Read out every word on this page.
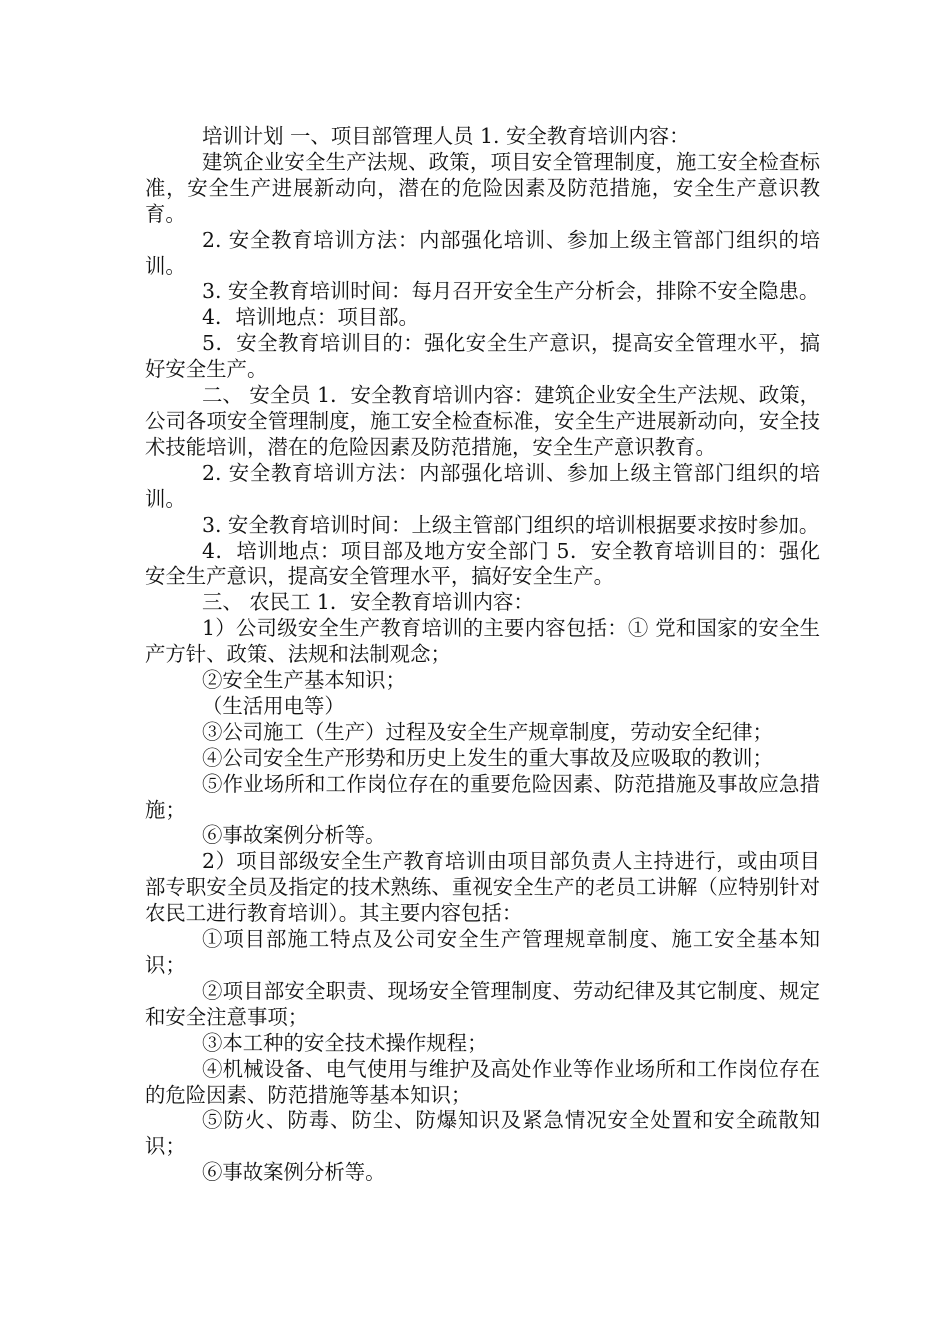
培训计划 一、项目部管理人员 1. 安全教育培训内容：

建筑企业安全生产法规、政策，项目安全管理制度，施工安全检查标准，安全生产进展新动向，潜在的危险因素及防范措施，安全生产意识教育。

2. 安全教育培训方法：内部强化培训、参加上级主管部门组织的培训。

3. 安全教育培训时间：每月召开安全生产分析会，排除不安全隐患。

4．培训地点：项目部。

5．安全教育培训目的：强化安全生产意识，提高安全管理水平，搞好安全生产。

二、 安全员 1．安全教育培训内容：建筑企业安全生产法规、政策，公司各项安全管理制度，施工安全检查标准，安全生产进展新动向，安全技术技能培训，潜在的危险因素及防范措施，安全生产意识教育。

2. 安全教育培训方法：内部强化培训、参加上级主管部门组织的培训。

3. 安全教育培训时间：上级主管部门组织的培训根据要求按时参加。

4．培训地点：项目部及地方安全部门 5．安全教育培训目的：强化安全生产意识，提高安全管理水平，搞好安全生产。

三、 农民工 1．安全教育培训内容：

1）公司级安全生产教育培训的主要内容包括：① 党和国家的安全生产方针、政策、法规和法制观念；

②安全生产基本知识；

（生活用电等）

③公司施工（生产）过程及安全生产规章制度，劳动安全纪律；

④公司安全生产形势和历史上发生的重大事故及应吸取的教训；

⑤作业场所和工作岗位存在的重要危险因素、防范措施及事故应急措施；

⑥事故案例分析等。

2）项目部级安全生产教育培训由项目部负责人主持进行，或由项目部专职安全员及指定的技术熟练、重视安全生产的老员工讲解（应特别针对农民工进行教育培训）。其主要内容包括：

①项目部施工特点及公司安全生产管理规章制度、施工安全基本知识；

②项目部安全职责、现场安全管理制度、劳动纪律及其它制度、规定和安全注意事项；

③本工种的安全技术操作规程；

④机械设备、电气使用与维护及高处作业等作业场所和工作岗位存在的危险因素、防范措施等基本知识；

⑤防火、防毒、防尘、防爆知识及紧急情况安全处置和安全疏散知识；

⑥事故案例分析等。
